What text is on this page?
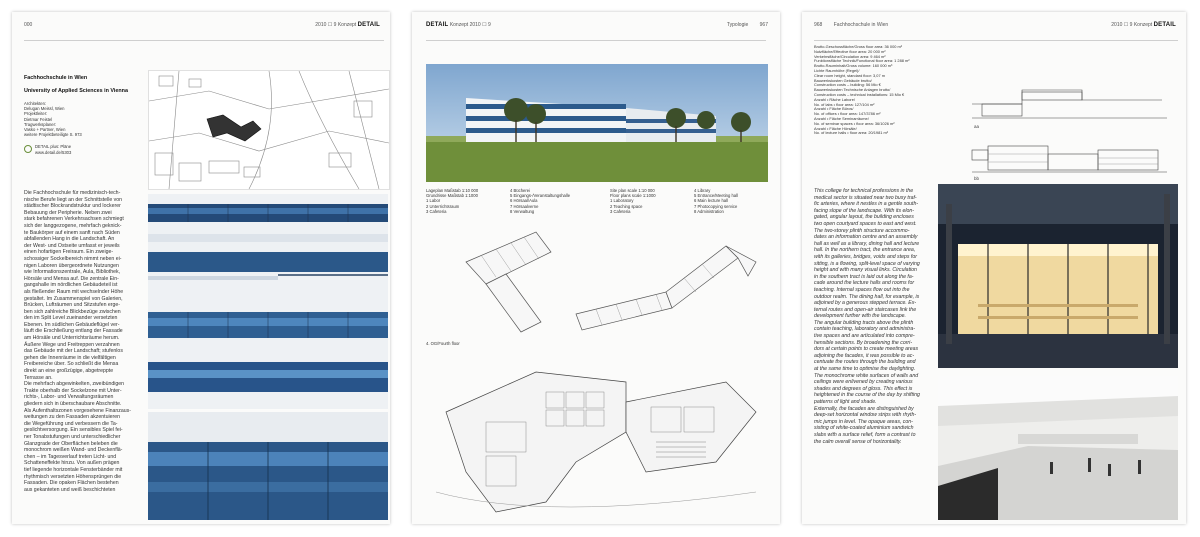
000	2010 ☐ 9 Konzept DETAIL
Fachhochschule in Wien
University of Applied Sciences in Vienna
Architekten:
Delugan Meissl, Wien
Projektleiter:
Dietmar Feistel
Tragwerksplaner:
Vasko + Partner, Wien
weitere Projektbeteiligte S. 973
DETAIL plus: Pläne
www.detail.de/5303
Die Fachhochschule für medizinisch-tech-
nische Berufe liegt an der Schnittstelle von
städtischer Blockrandstruktur und lockerer
Bebauung der Peripherie. Neben zwei
stark befahrenen Verkehrsachsen schmiegt
sich der langgezogene, mehrfach geknick-
te Baukörper auf einem sanft nach Süden
abfallenden Hang in die Landschaft. An
der West- und Ostseite umfasst er jeweils
einen hofartigen Freiraum. Ein zweige-
schossiger Sockelbereich nimmt neben ei-
nigen Laboren übergeordnete Nutzungen
wie Informationszentrale, Aula, Bibliothek,
Hörsäle und Mensa auf. Die zentrale Ein-
gangshalle im nördlichen Gebäudeteil ist
als fließender Raum mit wechselnder Höhe
gestaltet. Im Zusammenspiel von Galerien,
Brücken, Lufträumen und Sitzstufen erge-
ben sich zahlreiche Blickbezüge zwischen
den im Split Level zueinander versetzten
Ebenen. Im südlichen Gebäudeflügel ver-
läuft die Erschließung entlang der Fassade
am Hörsäle und Unterrichtsräume herum.
Äußere Wege und Freitreppen verzahnen
das Gebäude mit der Landschaft; stufenlos
gehen die Innenräume in die vielfältigen
Freibereiche über. So schließt die Mensa
direkt an eine großzügige, abgetreppte
Terrasse an.
Die mehrfach abgewinkelten, zweibündigen
Trakte oberhalb der Sockelzone mit Unter-
richts-, Labor- und Verwaltungsräumen
gliedern sich in überschaubare Abschnitte.
Als Aufenthaltszonen vorgesehene Finanzaus-
weitungen zu den Fassaden akzentuieren
die Wegeführung und verbessern die Ta-
geslichtversorgung. Ein sensibles Spiel fei-
ner Tonabstufungen und unterschiedlicher
Glanzgrade der Oberflächen beleben die
monochrom weißen Wand- und Deckenflä-
chen – im Tagesverlauf treten Licht- und
Schatteneffekte hinzu. Von außen prägen
tief liegende horizontale Fensterbänder mit
rhythmisch versetzten Höhensprüngen die
Fassaden. Die opaken Flächen bestehen
aus gekanteten und weiß beschichteten
DETAIL Konzept 2010 ☐ 9	Typologie 967
Lageplan Maßstab 1:10 000
Grundrisse Maßstab 1:1000
1 Labor
2 Unterrichtsraum
3 Cafeteria
4 Bücherei
5 Eingangs-/Veranstaltungshalle
6 Hörsaal/Aula
7 Hörsaalverne
8 Verwaltung
Site plan scale 1:10 000
Floor plans scale 1:1000
1 Laboratory
2 Teaching space
3 Cafeteria
4 Library
5 Entrance/Meeting hall
6 Main lecture hall
7 Photocopying service
8 Administration
4. OG/Fourth floor
968 Fachhochschule in Wien	2010 ☐ 9 Konzept DETAIL
Brutto-Geschossfläche/Gross floor area: 36 000 m²
Nutzfläche/Effective floor area: 20 000 m²
Verkehrsfläche/Circulation area: 9 464 m²
Funktionsfläche Technik/Functional floor area: 1 288 m²
Brutto-Rauminhalt/Gross volume: 160 000 m³
Lichte Raumhöhe (Regel)/
Clear room height, standard floor: 3,07 m
Bauwerkskosten Gebäude brutto/
Construction costs – building: 56 Mio €
Bauwerkskosten Technische Anlagen brutto/
Construction costs – technical installations: 15 Mio €
Anzahl • Räche Labore/
No. of labs • floor area: 127/104 m²
Anzahl • Fläche Büros/
No. of offices • floor area: 147/3786 m²
Anzahl • Fläche Seminarräume/
No. of seminar spaces • floor area: 36/1026 m²
Anzahl • Fläche Hörsäle/
No. of lecture halls • floor area: 20/1981 m²
aa
bb
This college for technical professions in the
medical sector is situated near two busy traf-
fic arteries, where it nestles in a gentle south-
facing slope of the landscape. With its elon-
gated, angular layout, the building encloses
two open courtyard spaces to east and west.
The two-storey plinth structure accommo-
dates an information centre and an assembly
hall as well as a library, dining hall and lecture
hall. In the northern tract, the entrance area,
with its galleries, bridges, voids and steps for
sitting, is a flowing, split-level space of varying
height and with many visual links. Circulation
in the southern tract is laid out along the fa-
cade around the lecture halls and rooms for
teaching. Internal spaces flow out into the
outdoor realm. The dining hall, for example, is
adjoined by a generous stepped terrace. Ex-
ternal routes and open-air staircases link the
development further with the landscape.
The angular building tracts above the plinth
contain teaching, laboratory and administra-
tive spaces and are articulated into compre-
hensible sections. By broadening the corri-
dors at certain points to create meeting areas
adjoining the facades, it was possible to ac-
centuate the routes through the building and
at the same time to optimise the daylighting.
The monochrome white surfaces of walls and
ceilings were enlivened by creating various
shades and degrees of gloss. This effect is
heightened in the course of the day by shifting
patterns of light and shade.
Externally, the facades are distinguished by
deep-set horizontal window strips with rhyth-
mic jumps in level. The opaque areas, con-
sisting of white-coated aluminium sandwich
slabs with a surface relief, form a contrast to
the calm overall sense of horizontality.
